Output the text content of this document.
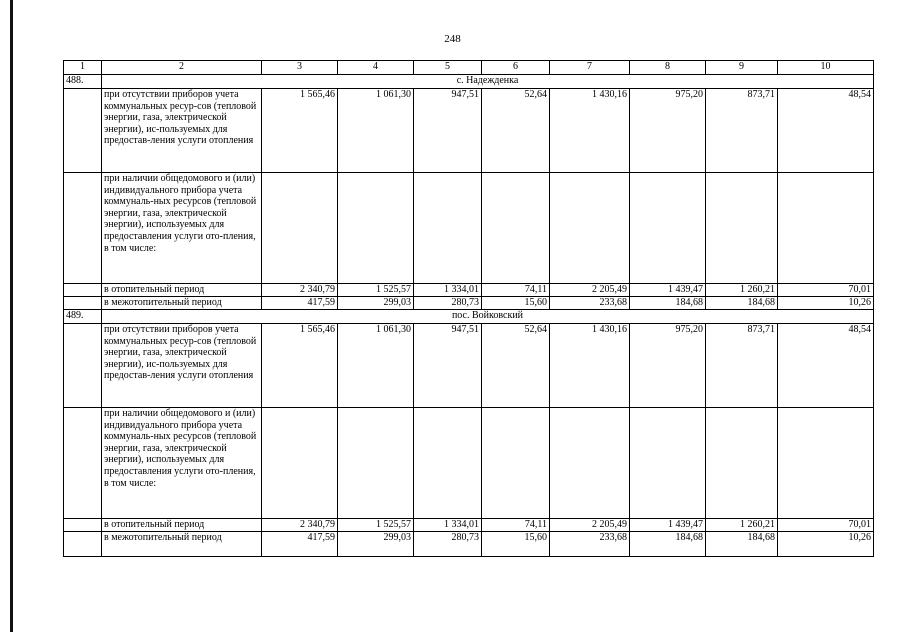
248
1	2	3	4	5	6	7	8	9	10
488.	с. Надежденка								
	при отсутствии приборов учета коммунальных ресур-сов (тепловой энергии, газа, электрической энергии), ис-пользуемых для предостав-ления услуги отопления	1 565,46	1 061,30	947,51	52,64	1 430,16	975,20	873,71	48,54
	при наличии общедомового и (или) индивидуального прибора учета коммуналь-ных ресурсов (тепловой энергии, газа, электрической энергии), используемых для предоставления услуги ото-пления, в том числе:								
	в отопительный период	2 340,79	1 525,57	1 334,01	74,11	2 205,49	1 439,47	1 260,21	70,01
	в межотопительный период	417,59	299,03	280,73	15,60	233,68	184,68	184,68	10,26
489.	пос. Войковский								
	при отсутствии приборов учета коммунальных ресур-сов (тепловой энергии, газа, электрической энергии), ис-пользуемых для предостав-ления услуги отопления	1 565,46	1 061,30	947,51	52,64	1 430,16	975,20	873,71	48,54
	при наличии общедомового и (или) индивидуального прибора учета коммуналь-ных ресурсов (тепловой энергии, газа, электрической энергии), используемых для предоставления услуги ото-пления, в том числе:								
	в отопительный период	2 340,79	1 525,57	1 334,01	74,11	2 205,49	1 439,47	1 260,21	70,01
	в межотопительный период	417,59	299,03	280,73	15,60	233,68	184,68	184,68	10,26
